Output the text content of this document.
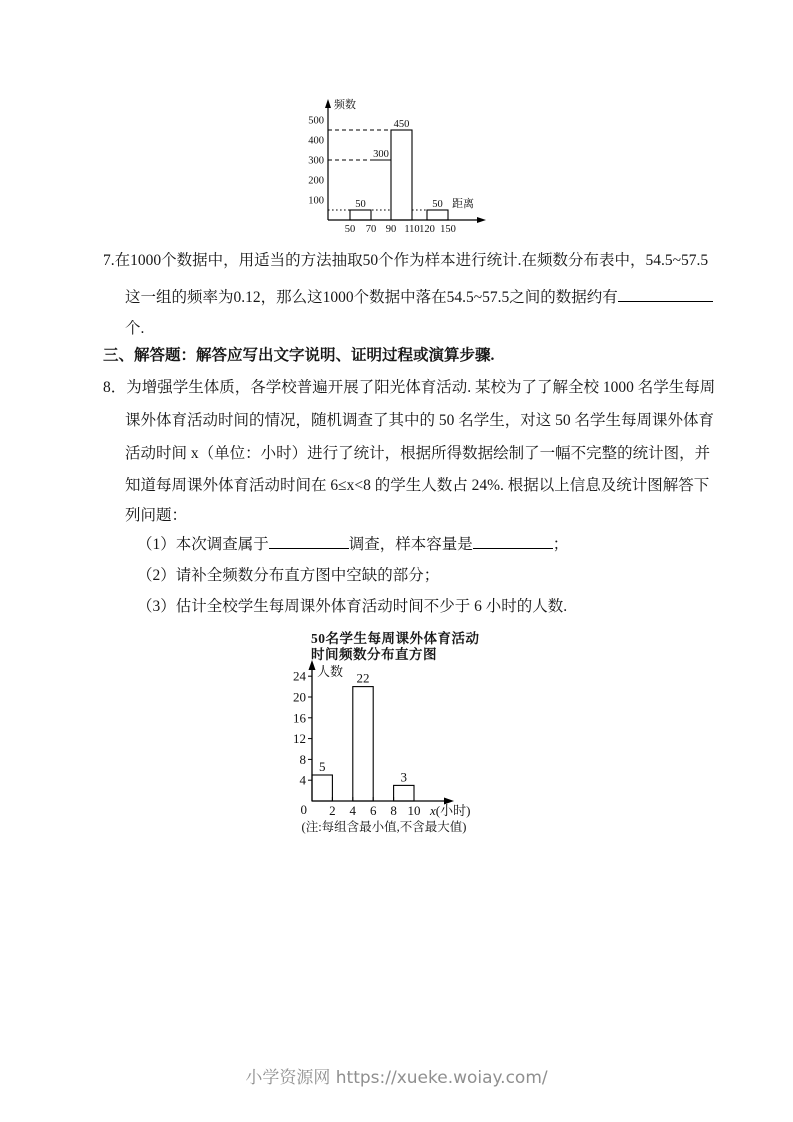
50
300
450
50
500
400
300
200
100
50 70 90 110 120 150
频数
距离
7.在1000个数据中，用适当的方法抽取50个作为样本进行统计.在频数分布表中，54.5~57.5
这一组的频率为0.12，那么这1000个数据中落在54.5~57.5之间的数据约有
个.
三、解答题：解答应写出文字说明、证明过程或演算步骤.
8．为增强学生体质，各学校普遍开展了阳光体育活动. 某校为了了解全校 1000 名学生每周
课外体育活动时间的情况，随机调查了其中的 50 名学生，对这 50 名学生每周课外体育
活动时间 x（单位：小时）进行了统计，根据所得数据绘制了一幅不完整的统计图，并
知道每周课外体育活动时间在 6≤x<8 的学生人数占 24%. 根据以上信息及统计图解答下
列问题：
（1）本次调查属于	调查，样本容量是	；
（2）请补全频数分布直方图中空缺的部分；
（3）估计全校学生每周课外体育活动时间不少于 6 小时的人数.
50名学生每周课外体育活动
时间频数分布直方图
5
22
3
24
20
16
12
8
4
2 4 6 8 10
0
人数
x(小时)
(注:每组含最小值,不含最大值)
小学资源网 https://xueke.woiay.com/
